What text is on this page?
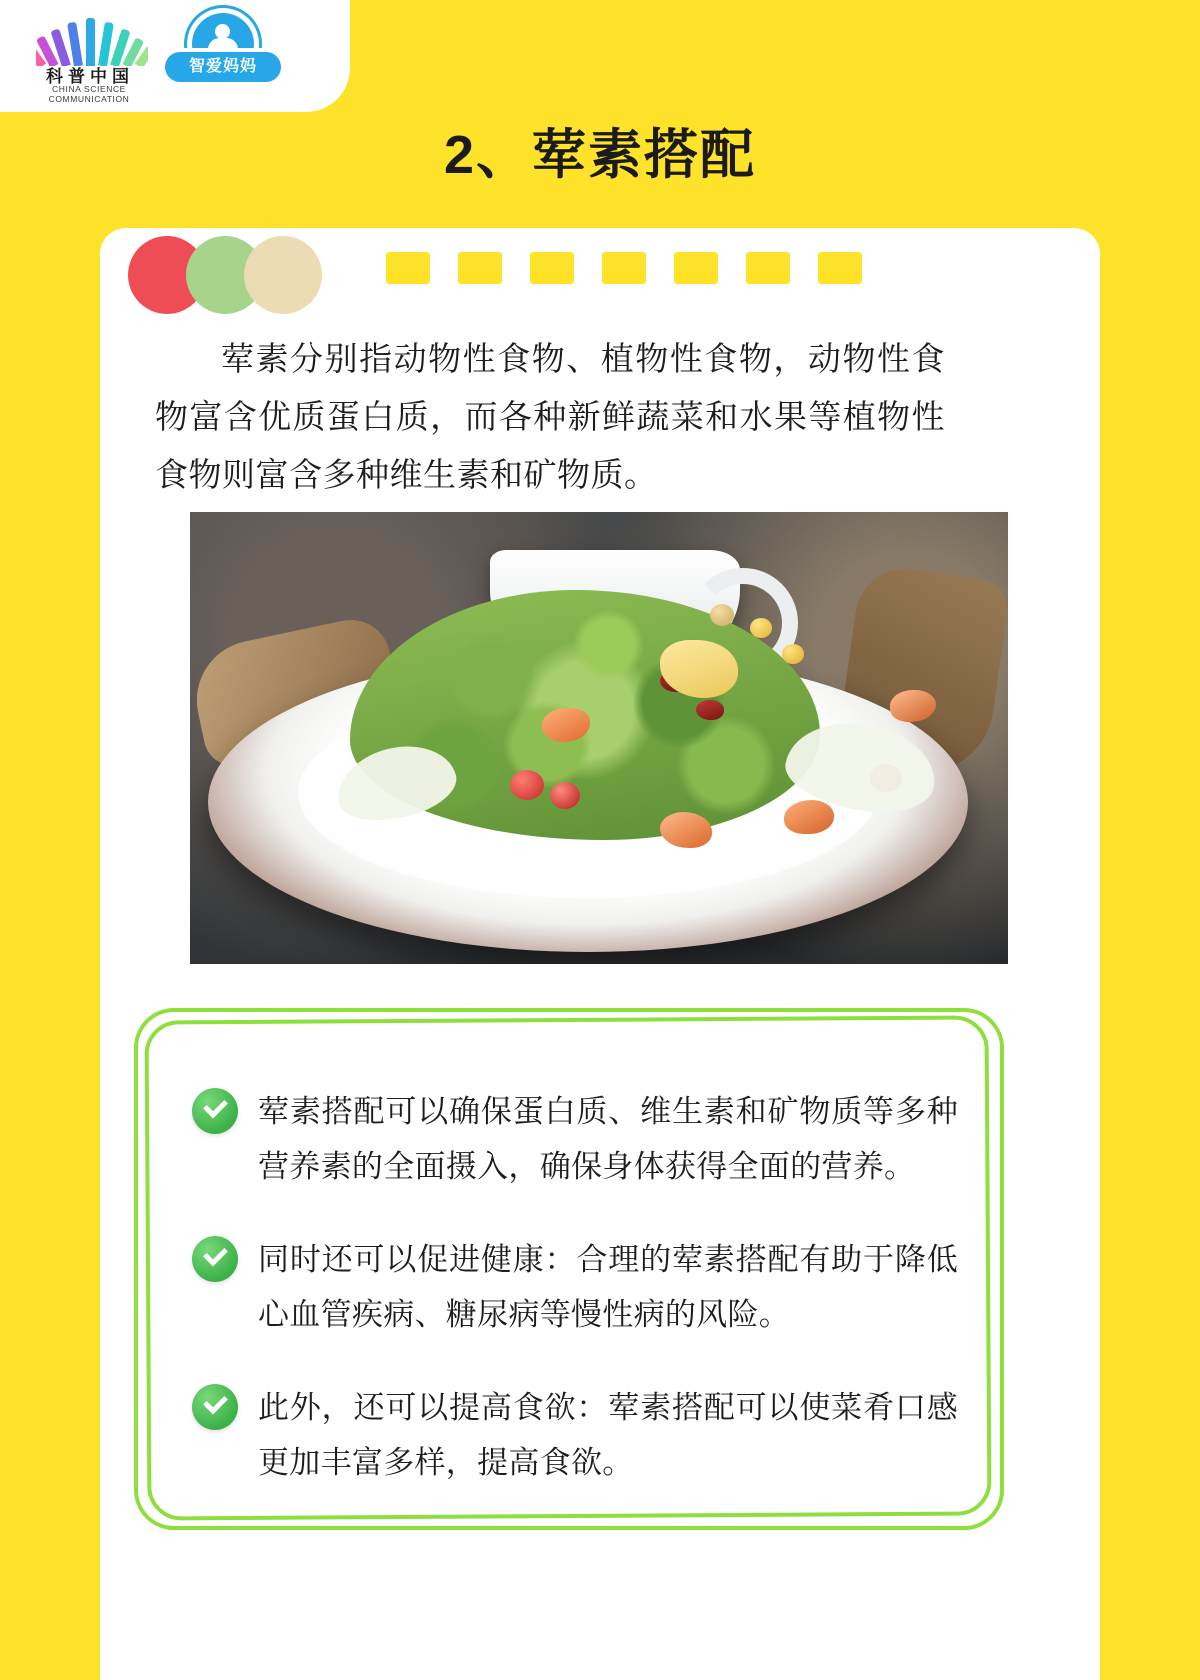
科普中国
CHINA SCIENCE COMMUNICATION
智爱妈妈
2、荤素搭配
荤素分别指动物性食物、植物性食物，动物性食物富含优质蛋白质，而各种新鲜蔬菜和水果等植物性食物则富含多种维生素和矿物质。

荤素搭配可以确保蛋白质、维生素和矿物质等多种营养素的全面摄入，确保身体获得全面的营养。

同时还可以促进健康：合理的荤素搭配有助于降低心血管疾病、糖尿病等慢性病的风险。

此外，还可以提高食欲：荤素搭配可以使菜肴口感更加丰富多样，提高食欲。
